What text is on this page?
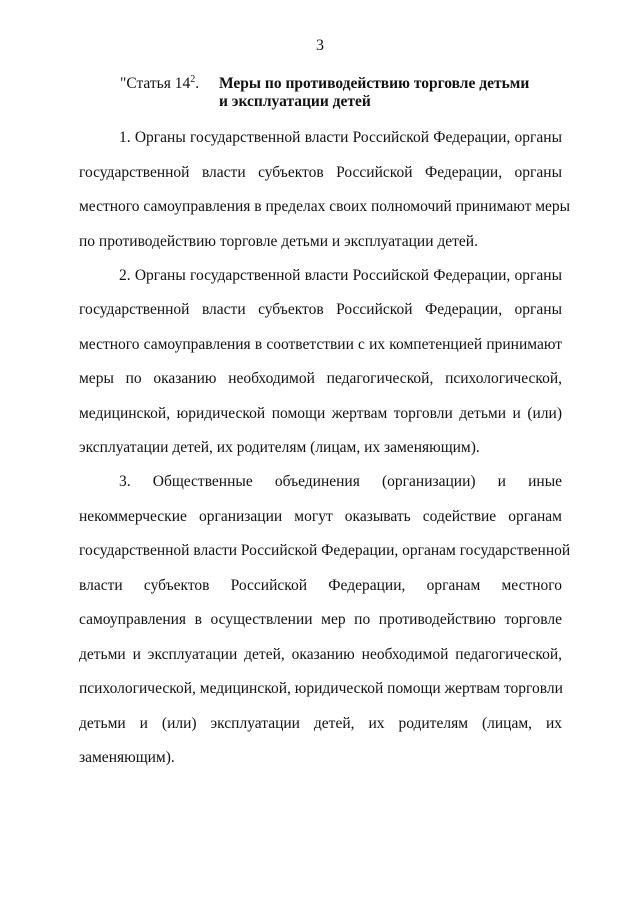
3
"Статья $14^2$. Меры по противодействию торговле детьми
и эксплуатации детей
1. Органы государственной власти Российской Федерации, органы
государственной власти субъектов Российской Федерации, органы
местного самоуправления в пределах своих полномочий принимают меры
по противодействию торговле детьми и эксплуатации детей.
2. Органы государственной власти Российской Федерации, органы
государственной власти субъектов Российской Федерации, органы
местного самоуправления в соответствии с их компетенцией принимают
меры по оказанию необходимой педагогической, психологической,
медицинской, юридической помощи жертвам торговли детьми и (или)
эксплуатации детей, их родителям (лицам, их заменяющим).
3. Общественные объединения (организации) и иные
некоммерческие организации могут оказывать содействие органам
государственной власти Российской Федерации, органам государственной
власти субъектов Российской Федерации, органам местного
самоуправления в осуществлении мер по противодействию торговле
детьми и эксплуатации детей, оказанию необходимой педагогической,
психологической, медицинской, юридической помощи жертвам торговли
детьми и (или) эксплуатации детей, их родителям (лицам, их
заменяющим).
